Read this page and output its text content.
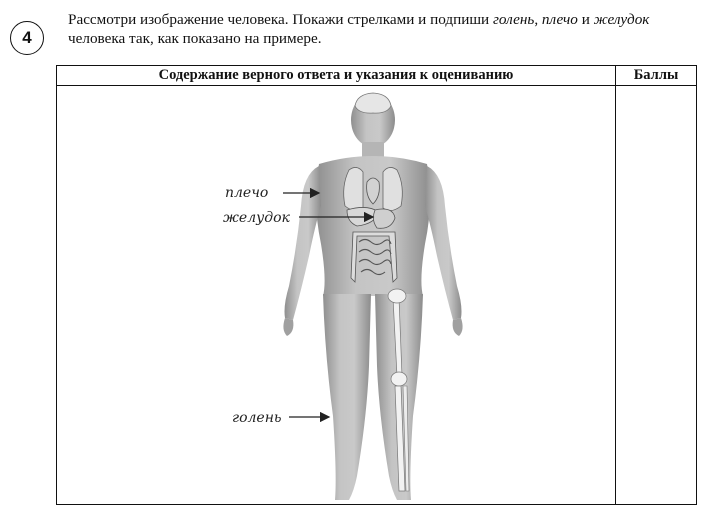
4
Рассмотри изображение человека. Покажи стрелками и подпиши голень, плечо и желудок
человека так, как показано на примере.
Содержание верного ответа и указания к оцениванию	Баллы

плечо
желудок
голень	
